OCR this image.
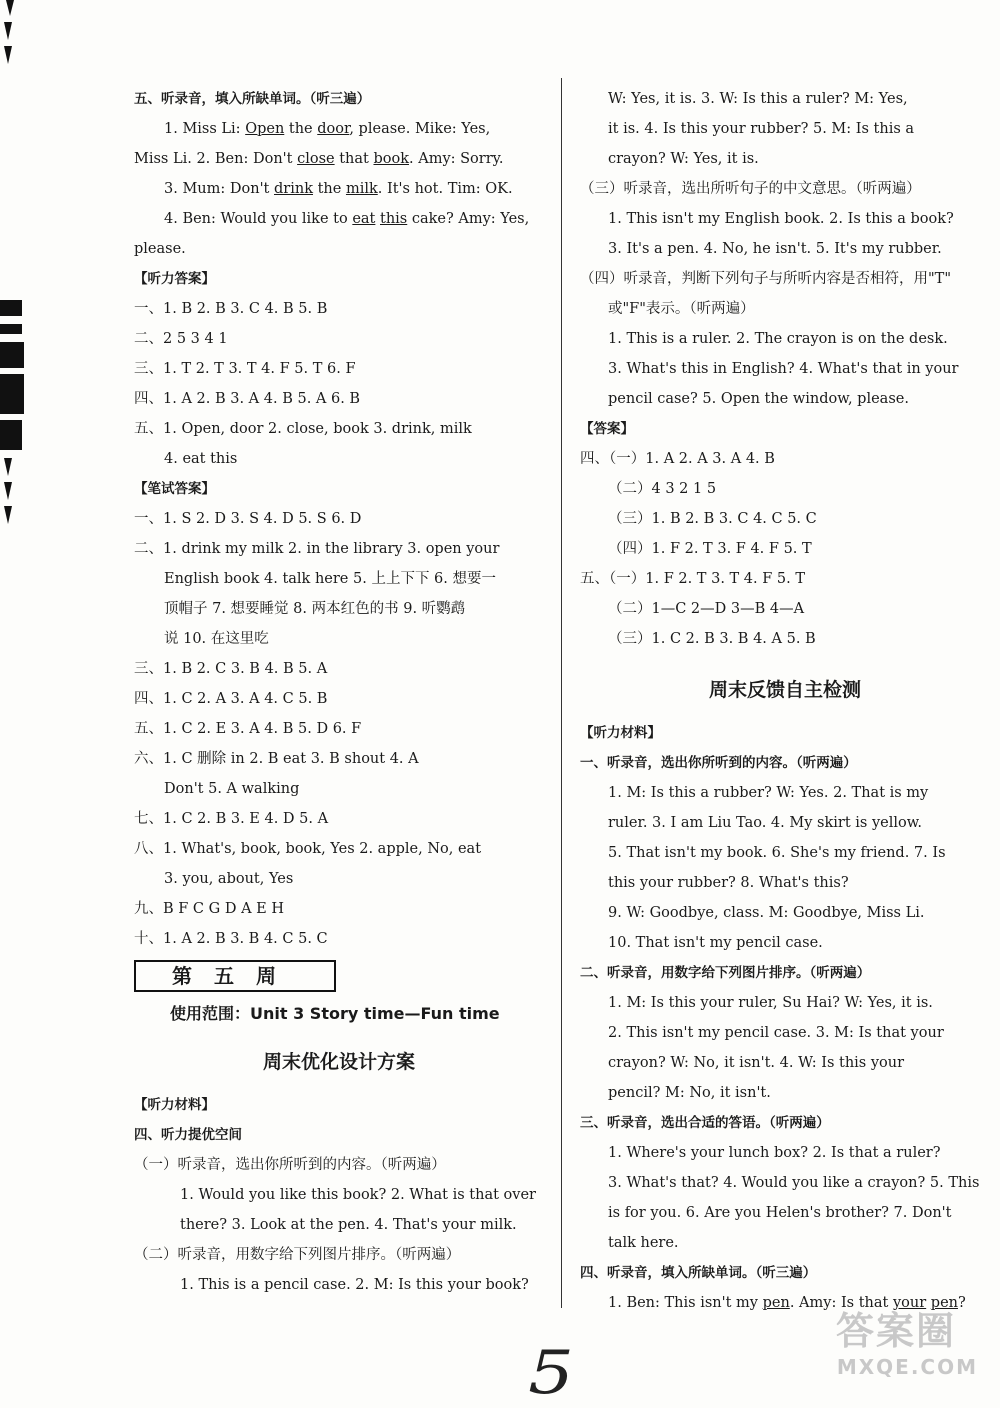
五、听录音，填入所缺单词。（听三遍）
1. Miss Li: Open the door, please. Mike: Yes,
Miss Li. 2. Ben: Don't close that book. Amy: Sorry.
3. Mum: Don't drink the milk. It's hot. Tim: OK.
4. Ben: Would you like to eat this cake? Amy: Yes,
please.
【听力答案】
一、1. B 2. B 3. C 4. B 5. B
二、2 5 3 4 1
三、1. T 2. T 3. T 4. F 5. T 6. F
四、1. A 2. B 3. A 4. B 5. A 6. B
五、1. Open, door 2. close, book 3. drink, milk
4. eat this
【笔试答案】
一、1. S 2. D 3. S 4. D 5. S 6. D
二、1. drink my milk 2. in the library 3. open your
English book 4. talk here 5. 上上下下 6. 想要一
顶帽子 7. 想要睡觉 8. 两本红色的书 9. 听鹦鹉
说 10. 在这里吃
三、1. B 2. C 3. B 4. B 5. A
四、1. C 2. A 3. A 4. C 5. B
五、1. C 2. E 3. A 4. B 5. D 6. F
六、1. C 删除 in 2. B eat 3. B shout 4. A
Don't 5. A walking
七、1. C 2. B 3. E 4. D 5. A
八、1. What's, book, book, Yes 2. apple, No, eat
3. you, about, Yes
九、B F C G D A E H
十、1. A 2. B 3. B 4. C 5. C
第五周
使用范围：Unit 3 Story time—Fun time
周末优化设计方案
【听力材料】
四、听力提优空间
（一）听录音，选出你所听到的内容。（听两遍）
1. Would you like this book? 2. What is that over
there? 3. Look at the pen. 4. That's your milk.
（二）听录音，用数字给下列图片排序。（听两遍）
1. This is a pencil case. 2. M: Is this your book?
W: Yes, it is. 3. W: Is this a ruler? M: Yes,
it is. 4. Is this your rubber? 5. M: Is this a
crayon? W: Yes, it is.
（三）听录音，选出所听句子的中文意思。（听两遍）
1. This isn't my English book. 2. Is this a book?
3. It's a pen. 4. No, he isn't. 5. It's my rubber.
（四）听录音，判断下列句子与所听内容是否相符，用"T"
或"F"表示。（听两遍）
1. This is a ruler. 2. The crayon is on the desk.
3. What's this in English? 4. What's that in your
pencil case? 5. Open the window, please.
【答案】
四、（一）1. A 2. A 3. A 4. B
（二）4 3 2 1 5
（三）1. B 2. B 3. C 4. C 5. C
（四）1. F 2. T 3. F 4. F 5. T
五、（一）1. F 2. T 3. T 4. F 5. T
（二）1—C 2—D 3—B 4—A
（三）1. C 2. B 3. B 4. A 5. B
周末反馈自主检测
【听力材料】
一、听录音，选出你所听到的内容。（听两遍）
1. M: Is this a rubber? W: Yes. 2. That is my
ruler. 3. I am Liu Tao. 4. My skirt is yellow.
5. That isn't my book. 6. She's my friend. 7. Is
this your rubber? 8. What's this?
9. W: Goodbye, class. M: Goodbye, Miss Li.
10. That isn't my pencil case.
二、听录音，用数字给下列图片排序。（听两遍）
1. M: Is this your ruler, Su Hai? W: Yes, it is.
2. This isn't my pencil case. 3. M: Is that your
crayon? W: No, it isn't. 4. W: Is this your
pencil? M: No, it isn't.
三、听录音，选出合适的答语。（听两遍）
1. Where's your lunch box? 2. Is that a ruler?
3. What's that? 4. Would you like a crayon? 5. This
is for you. 6. Are you Helen's brother? 7. Don't
talk here.
四、听录音，填入所缺单词。（听三遍）
1. Ben: This isn't my pen. Amy: Is that your pen?
5
答案圈
MXQE.COM
